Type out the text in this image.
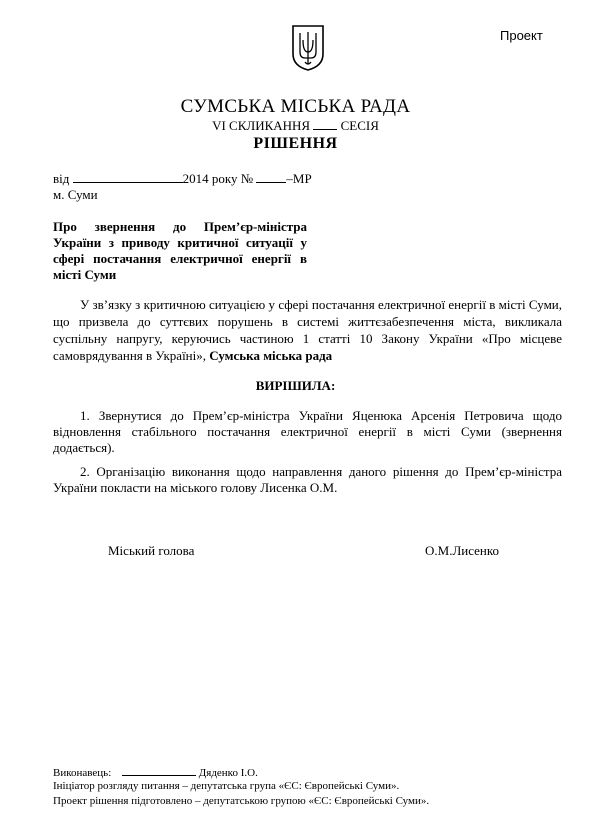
Проект
СУМСЬКА МІСЬКА РАДА
VI СКЛИКАННЯ СЕСІЯ
РІШЕННЯ
від	2014 року №	–МР
м. Суми
Про звернення до Прем’єр-міністра України з приводу критичної ситуації у сфері постачання електричної енергії в місті Суми
У зв’язку з критичною ситуацією у сфері постачання електричної енергії в місті Суми, що призвела до суттєвих порушень в системі життєзабезпечення міста, викликала суспільну напругу, керуючись частиною 1 статті 10 Закону України «Про місцеве самоврядування в Україні», Сумська міська рада
ВИРІШИЛА:
1. Звернутися до Прем’єр-міністра України Яценюка Арсенія Петровича щодо відновлення стабільного постачання електричної енергії в місті Суми (звернення додається).
2. Організацію виконання щодо направлення даного рішення до Прем’єр-міністра України покласти на міського голову Лисенка О.М.
Міський голова	О.М.Лисенко
Виконавець:	Дяденко І.О.
Ініціатор розгляду питання – депутатська група «ЄС: Європейські Суми».
Проект рішення підготовлено – депутатською групою «ЄС: Європейські Суми».
